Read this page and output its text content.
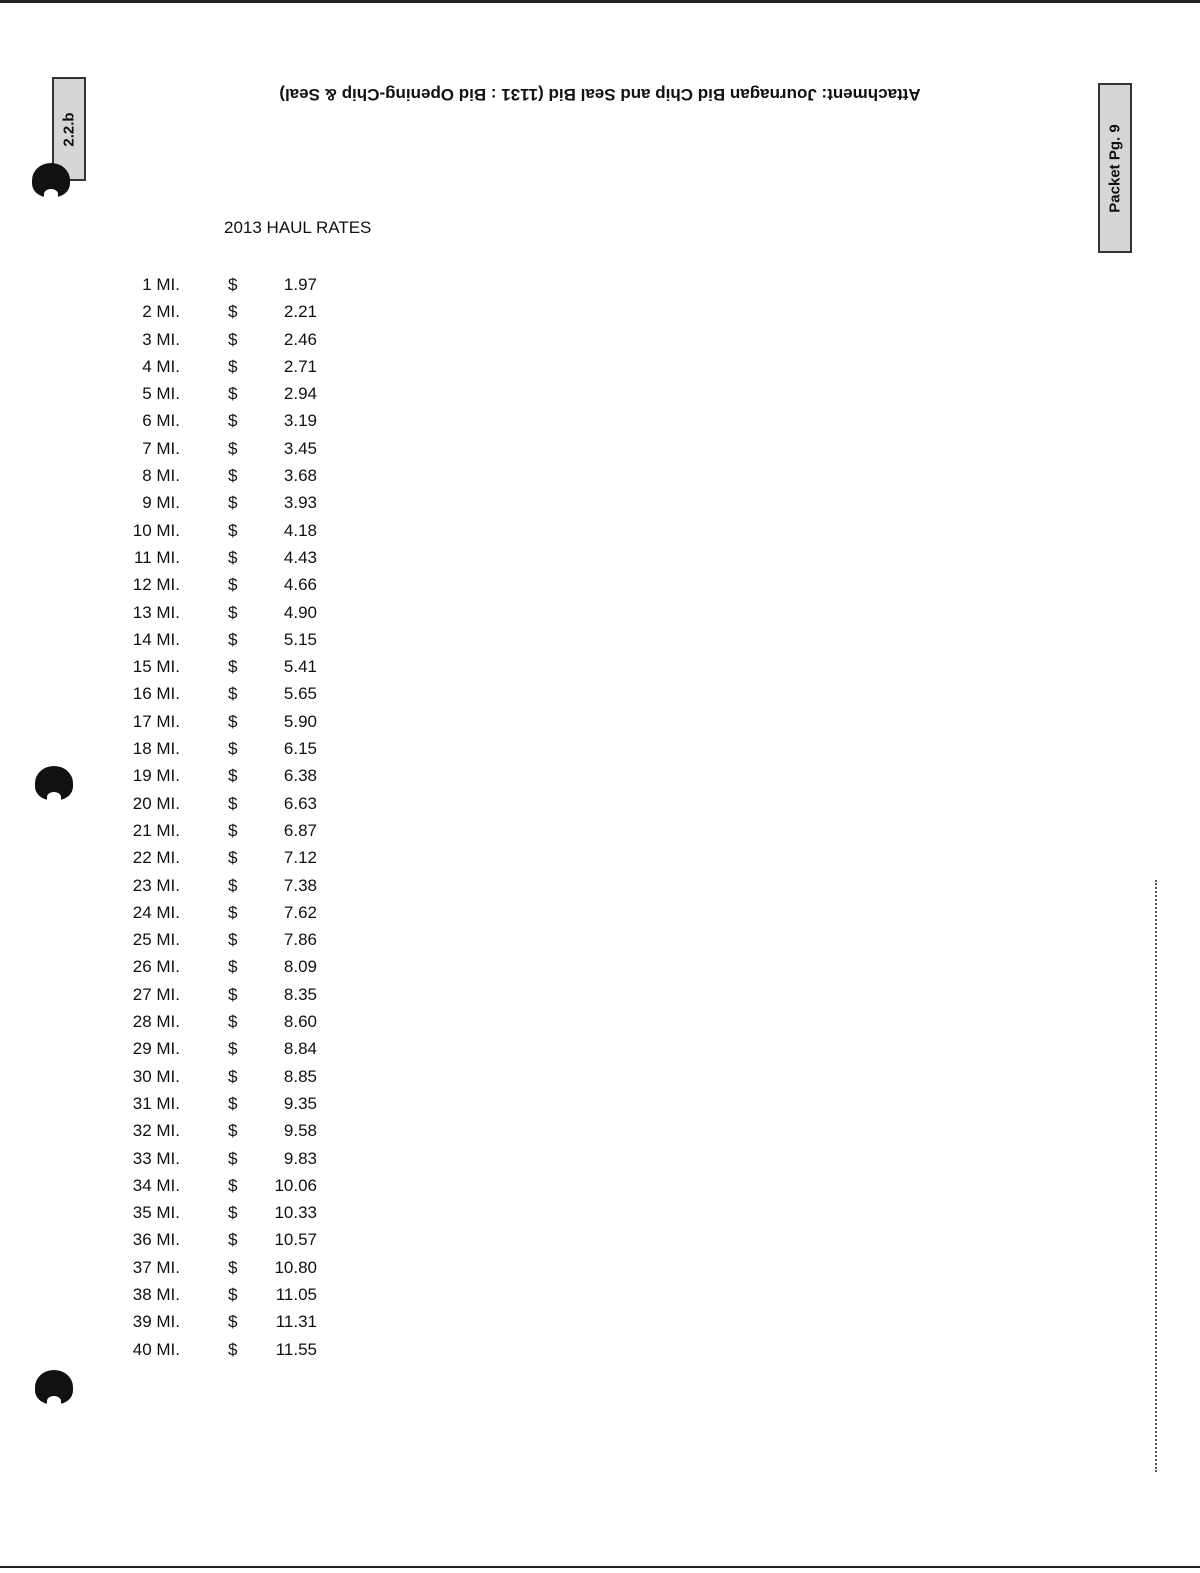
Attachment: Journagan Bid Chip and Seal Bid (1131 : Bid Opening-Chip & Seal)
2.2.b	Packet Pg. 9
2013 HAUL RATES
1 MI.	$	1.97
2 MI.	$	2.21
3 MI.	$	2.46
4 MI.	$	2.71
5 MI.	$	2.94
6 MI.	$	3.19
7 MI.	$	3.45
8 MI.	$	3.68
9 MI.	$	3.93
10 MI.	$	4.18
11 MI.	$	4.43
12 MI.	$	4.66
13 MI.	$	4.90
14 MI.	$	5.15
15 MI.	$	5.41
16 MI.	$	5.65
17 MI.	$	5.90
18 MI.	$	6.15
19 MI.	$	6.38
20 MI.	$	6.63
21 MI.	$	6.87
22 MI.	$	7.12
23 MI.	$	7.38
24 MI.	$	7.62
25 MI.	$	7.86
26 MI.	$	8.09
27 MI.	$	8.35
28 MI.	$	8.60
29 MI.	$	8.84
30 MI.	$	8.85
31 MI.	$	9.35
32 MI.	$	9.58
33 MI.	$	9.83
34 MI.	$	10.06
35 MI.	$	10.33
36 MI.	$	10.57
37 MI.	$	10.80
38 MI.	$	11.05
39 MI.	$	11.31
40 MI.	$	11.55
